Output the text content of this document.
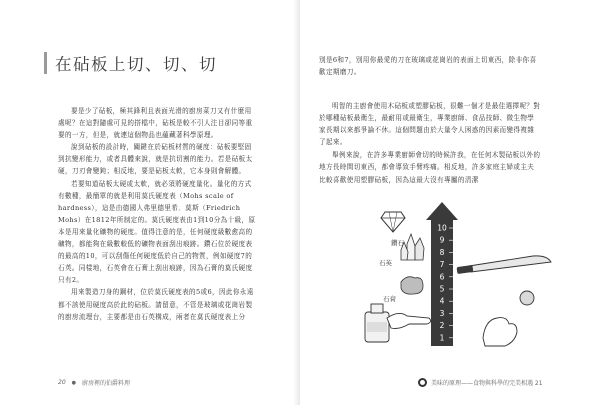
在砧板上切、切、切

要是少了砧板，極其鋒利且表面光滑的廚房菜刀又有什麼用處呢？在這對隨處可見的搭檔中，砧板是較不引人注目卻同等重要的一方，但是，就連這個物品也蘊藏著科學原理。

說到砧板的設計時，關鍵在於砧板材質的硬度：砧板要堅固到抗變形能力，或者具體來說，就是抗切割的能力。若是砧板太硬，刀刃會變鈍；相反地，要是砧板太軟，它本身則會解體。

若要知道砧板太硬或太軟，就必須將硬度量化。量化的方式有數種，最簡單的就是利用莫氏硬度表（Mohs scale of hardness），這是由德國人弗里德里希．莫斯（Friedrich Mohs）在1812年所制定的。莫氏硬度表由1到10分為十級，原本是用來量化礦物的硬度。值得注意的是，任何硬度級數愈高的礦物，都能夠在級數較低的礦物表面刮出痕跡。鑽石位於硬度表的最高的10，可以刮傷任何硬度低於自己的物質，例如硬度7的石英。同樣地，石英會在石膏上刮出痕跡，因為石膏的莫氏硬度只有2。

用來製造刀身的鋼材，位於莫氏硬度表的5或6，因此你永遠都不該使用硬度高於此的砧板。請留意，不管是玻璃或花崗岩製的廚房流理台，主要都是由石英構成，兩者在莫氏硬度表上分

20 ● 廚房裡的伯爵料理

別是6和7，別用你最愛的刀在玻璃或花崗岩的表面上切東西，除非你喜歡定期磨刀。

明智的主廚會使用木砧板或塑膠砧板，很難一個才是最佳選擇呢？對於哪種砧板最衛生，最耐用或最衛生，專業廚師、食品技師、微生物學家長期以來都爭論不休。這個問題由於大量令人困惑的因素而變得複雜了起來。

舉例來說，在許多專業廚師會切的時候許我，在任何木製砧板以外的地方長時間切東西，都會導致手臂疼痛。相反地，許多家庭主婦或主夫比較喜歡使用塑膠砧板，因為這最大沒有專屬的清潔

10
9
8
7
6
5
4
3
2
1
鑽石
石英
石膏
美味的原理——食物與科學的完美相遇 21
